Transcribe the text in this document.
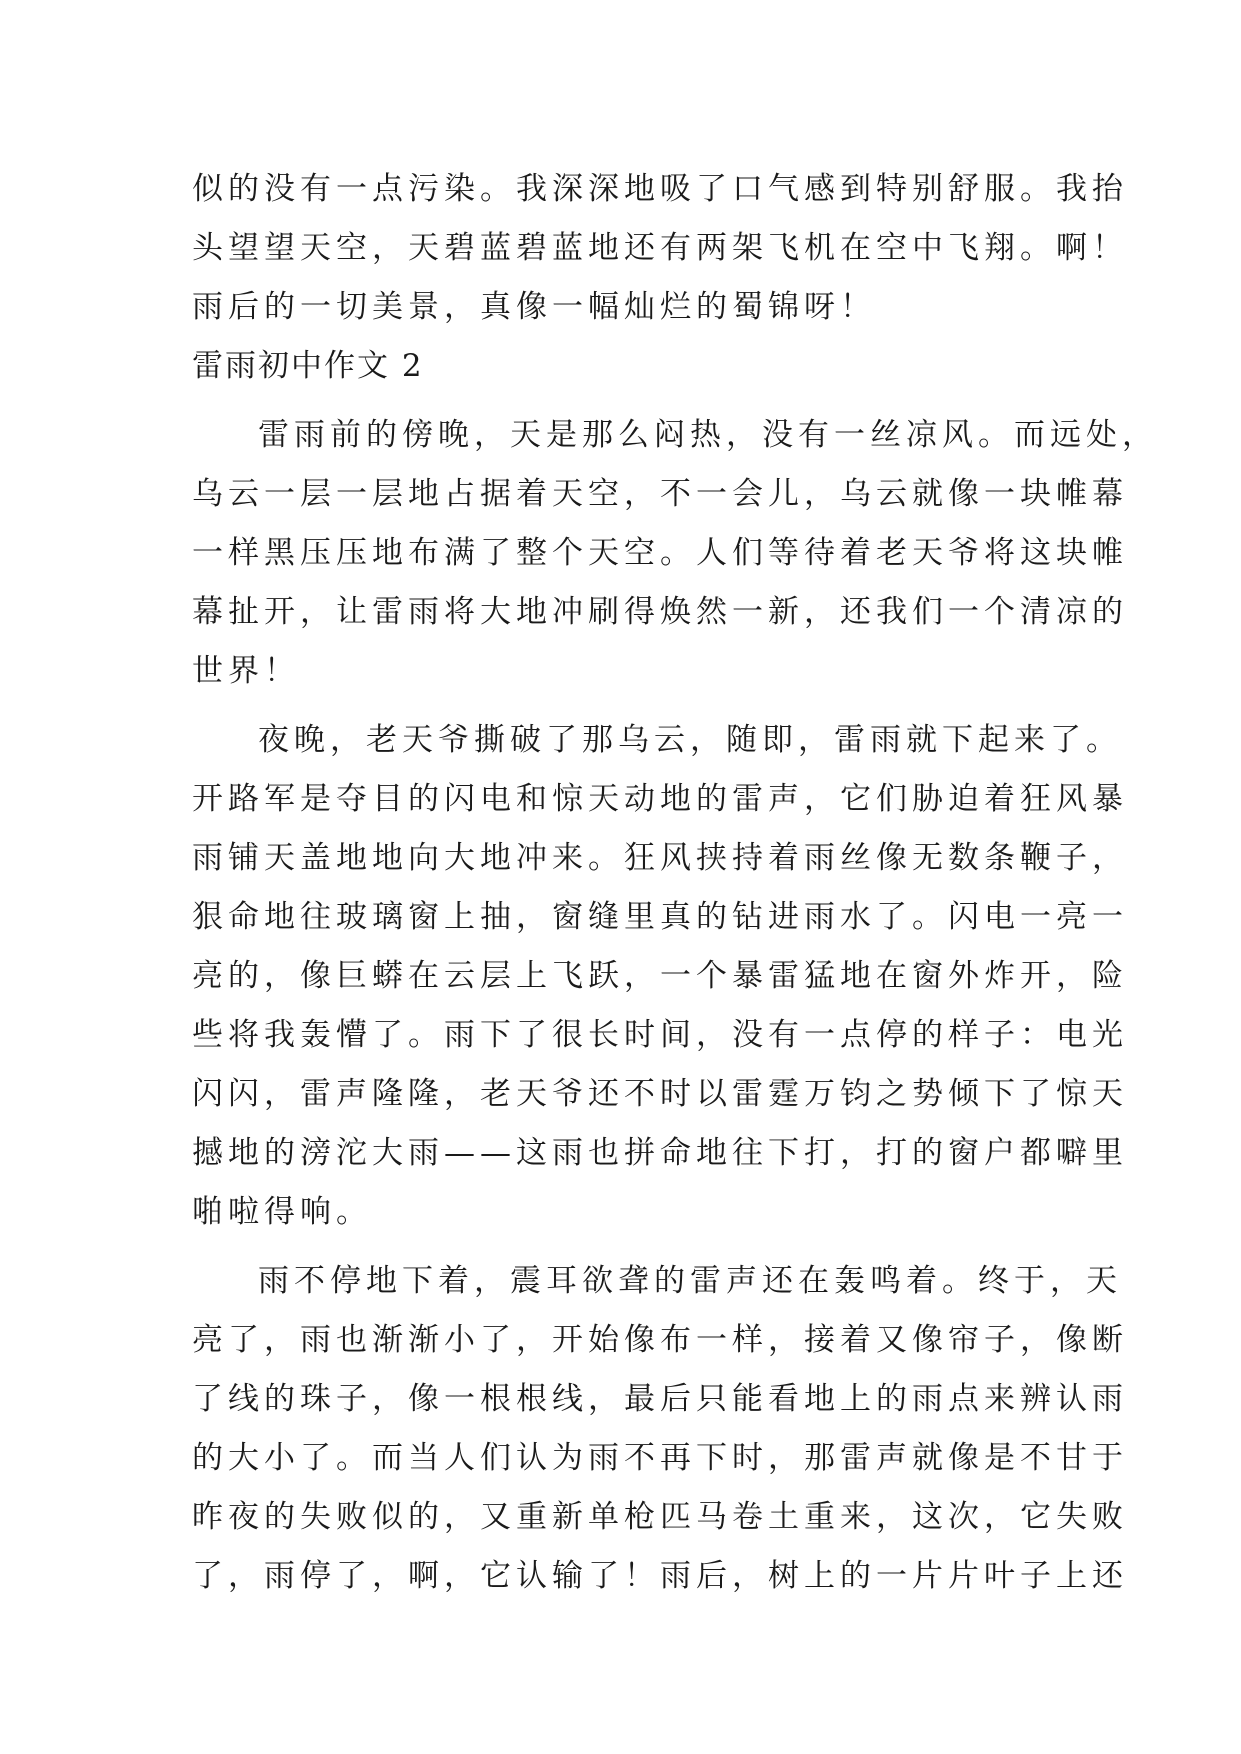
似的没有一点污染。我深深地吸了口气感到特别舒服。我抬
头望望天空，天碧蓝碧蓝地还有两架飞机在空中飞翔。啊！
雨后的一切美景，真像一幅灿烂的蜀锦呀！
雷雨初中作文 2
雷雨前的傍晚，天是那么闷热，没有一丝凉风。而远处，
乌云一层一层地占据着天空，不一会儿，乌云就像一块帷幕
一样黑压压地布满了整个天空。人们等待着老天爷将这块帷
幕扯开，让雷雨将大地冲刷得焕然一新，还我们一个清凉的
世界！
夜晚，老天爷撕破了那乌云，随即，雷雨就下起来了。
开路军是夺目的闪电和惊天动地的雷声，它们胁迫着狂风暴
雨铺天盖地地向大地冲来。狂风挟持着雨丝像无数条鞭子，
狠命地往玻璃窗上抽，窗缝里真的钻进雨水了。闪电一亮一
亮的，像巨蟒在云层上飞跃，一个暴雷猛地在窗外炸开，险
些将我轰懵了。雨下了很长时间，没有一点停的样子：电光
闪闪，雷声隆隆，老天爷还不时以雷霆万钧之势倾下了惊天
撼地的滂沱大雨——这雨也拼命地往下打，打的窗户都噼里
啪啦得响。
雨不停地下着，震耳欲聋的雷声还在轰鸣着。终于，天
亮了，雨也渐渐小了，开始像布一样，接着又像帘子，像断
了线的珠子，像一根根线，最后只能看地上的雨点来辨认雨
的大小了。而当人们认为雨不再下时，那雷声就像是不甘于
昨夜的失败似的，又重新单枪匹马卷土重来，这次，它失败
了，雨停了，啊，它认输了！雨后，树上的一片片叶子上还
